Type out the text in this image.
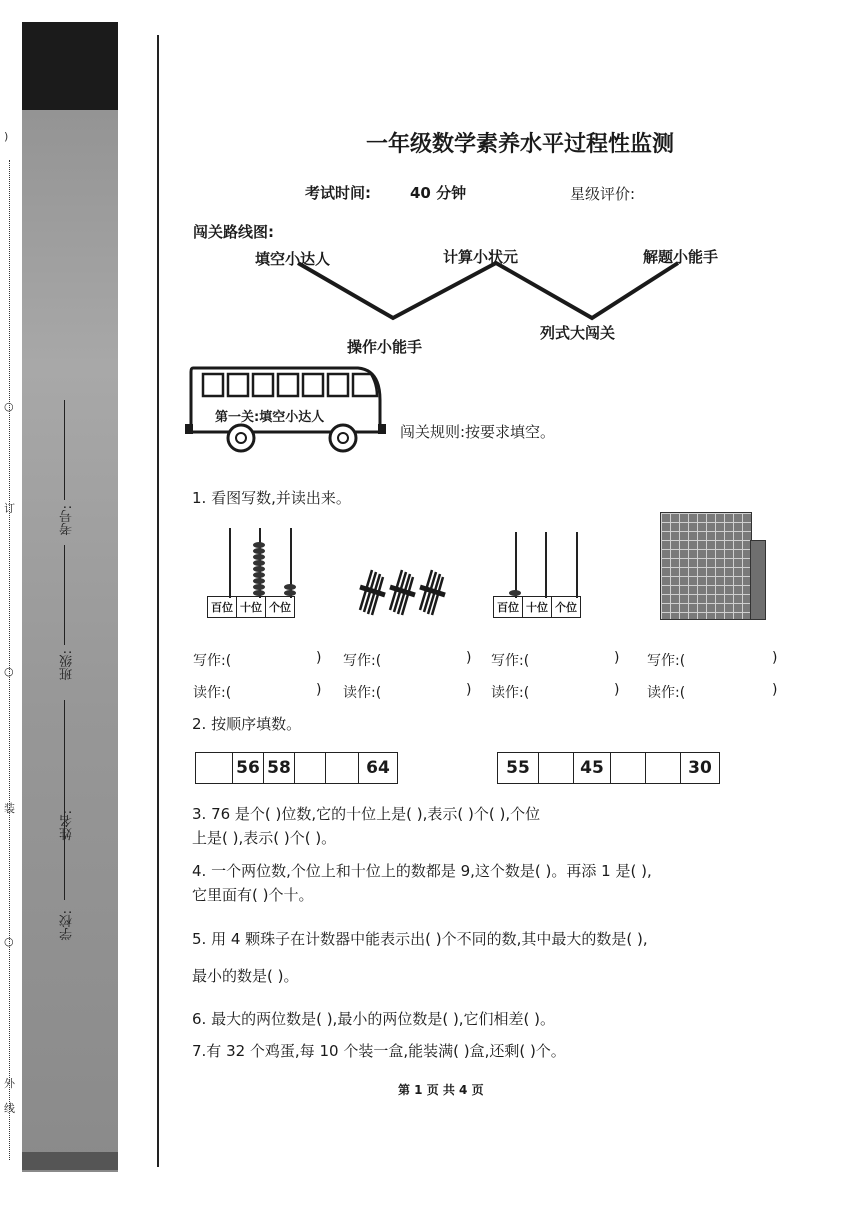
)
○
订
○
装
○
外
线
学校:
姓名:
班级:
考号:
一年级数学素养水平过程性监测
考试时间:	40 分钟	星级评价:
闯关路线图:
填空小达人
操作小能手
计算小状元
列式大闯关
解题小能手
第一关:填空小达人
闯关规则:按要求填空。
1. 看图写数,并读出来。
百位 十位 个位	百位 十位 个位
写作:(	) 写作:(	) 写作:(	) 写作:(	)
读作:(	) 读作:(	) 读作:(	) 读作:(	)
2. 按顺序填数。
	56	58			64	55		45			30
3. 76 是个( )位数,它的十位上是( ),表示( )个( ),个位
上是( ),表示( )个( )。
4. 一个两位数,个位上和十位上的数都是 9,这个数是( )。再添 1 是( ),
它里面有( )个十。
5. 用 4 颗珠子在计数器中能表示出( )个不同的数,其中最大的数是( ),
最小的数是( )。
6. 最大的两位数是( ),最小的两位数是( ),它们相差( )。
7.有 32 个鸡蛋,每 10 个装一盒,能装满( )盒,还剩( )个。
第 1 页 共 4 页
